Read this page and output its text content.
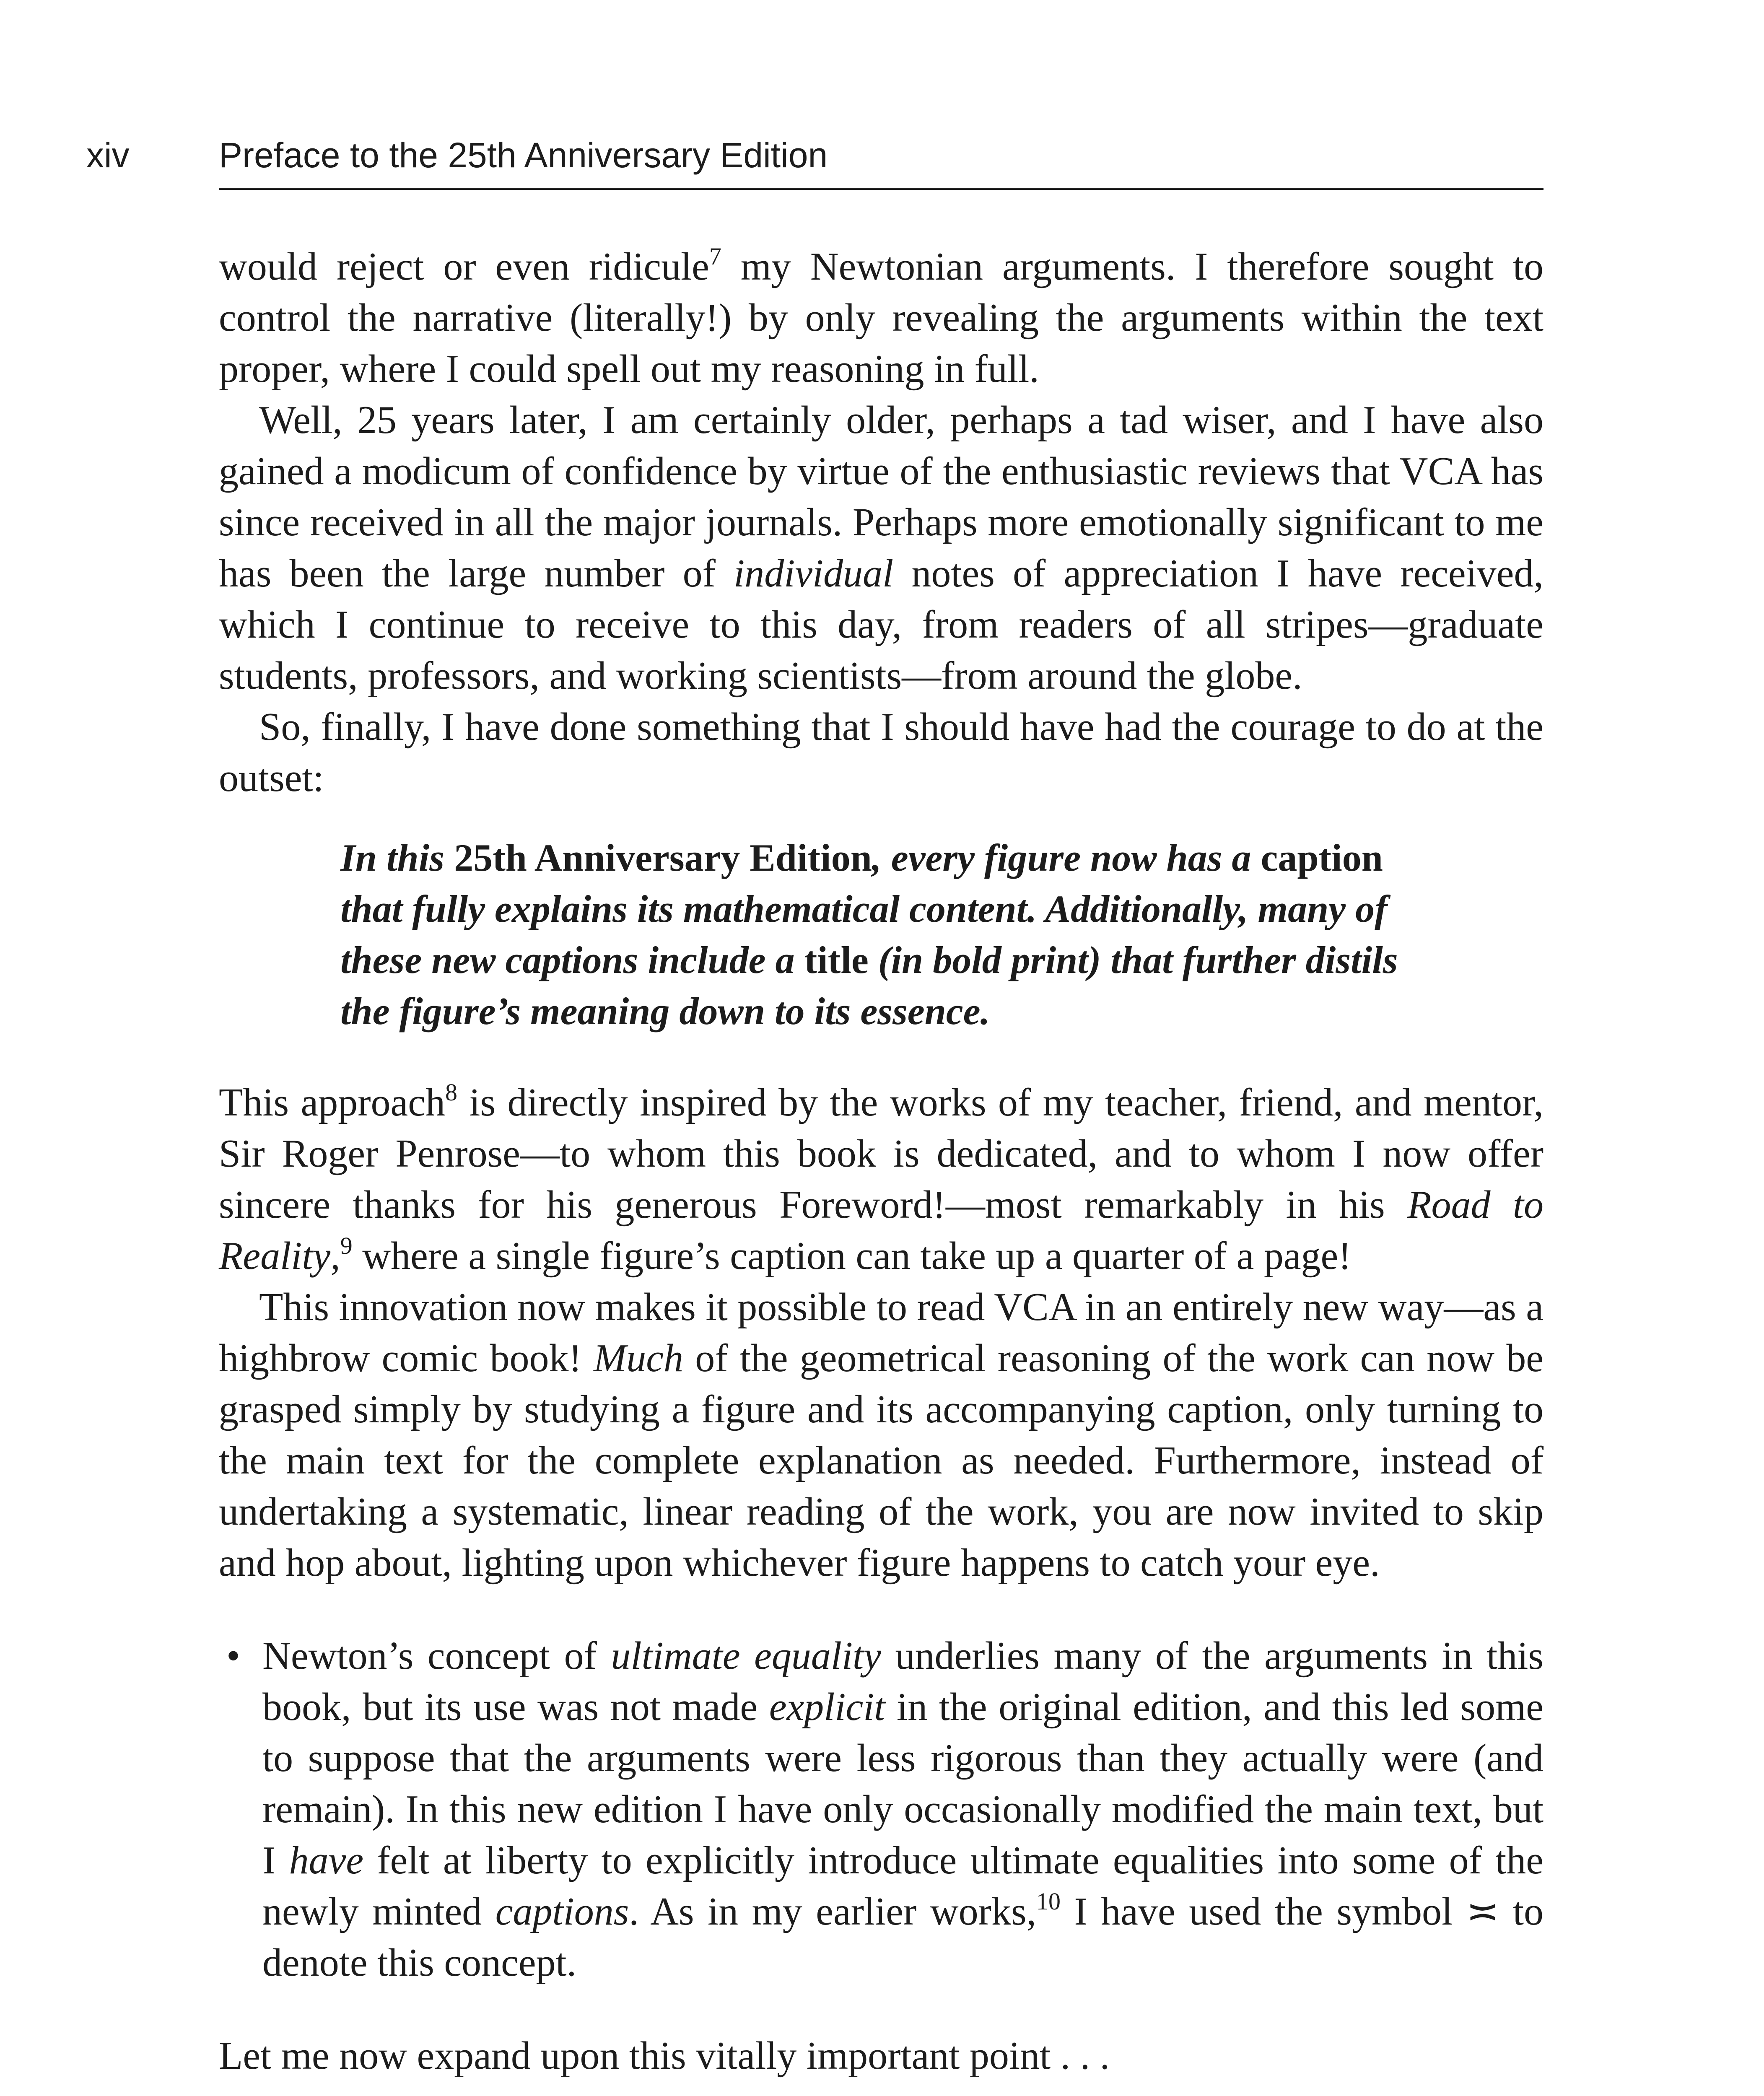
xiv	Preface to the 25th Anniversary Edition

would reject or even ridicule$^7$ my Newtonian arguments. I therefore sought to control the narrative (literally!) by only revealing the arguments within the text proper, where I could spell out my reasoning in full.

Well, 25 years later, I am certainly older, perhaps a tad wiser, and I have also gained a modicum of confidence by virtue of the enthusiastic reviews that VCA has since received in all the major journals. Perhaps more emotionally significant to me has been the large number of individual notes of appreciation I have received, which I continue to receive to this day, from readers of all stripes—graduate students, professors, and working scientists—from around the globe.

So, finally, I have done something that I should have had the courage to do at the outset:

In this 25th Anniversary Edition, every figure now has a caption that fully explains its mathematical content. Additionally, many of these new captions include a title (in bold print) that further distils the figure’s meaning down to its essence.

This approach$^8$ is directly inspired by the works of my teacher, friend, and mentor, Sir Roger Penrose—to whom this book is dedicated, and to whom I now offer sincere thanks for his generous Foreword!—most remarkably in his Road to Reality,$^9$ where a single figure’s caption can take up a quarter of a page!

This innovation now makes it possible to read VCA in an entirely new way—as a highbrow comic book! Much of the geometrical reasoning of the work can now be grasped simply by studying a figure and its accompanying caption, only turning to the main text for the complete explanation as needed. Furthermore, instead of undertaking a systematic, linear reading of the work, you are now invited to skip and hop about, lighting upon whichever figure happens to catch your eye.

• Newton’s concept of ultimate equality underlies many of the arguments in this book, but its use was not made explicit in the original edition, and this led some to suppose that the arguments were less rigorous than they actually were (and remain). In this new edition I have only occasionally modified the main text, but I have felt at liberty to explicitly introduce ultimate equalities into some of the newly minted captions. As in my earlier works,$^{10}$ I have used the symbol ≍ to denote this concept.

Let me now expand upon this vitally important point . . .
